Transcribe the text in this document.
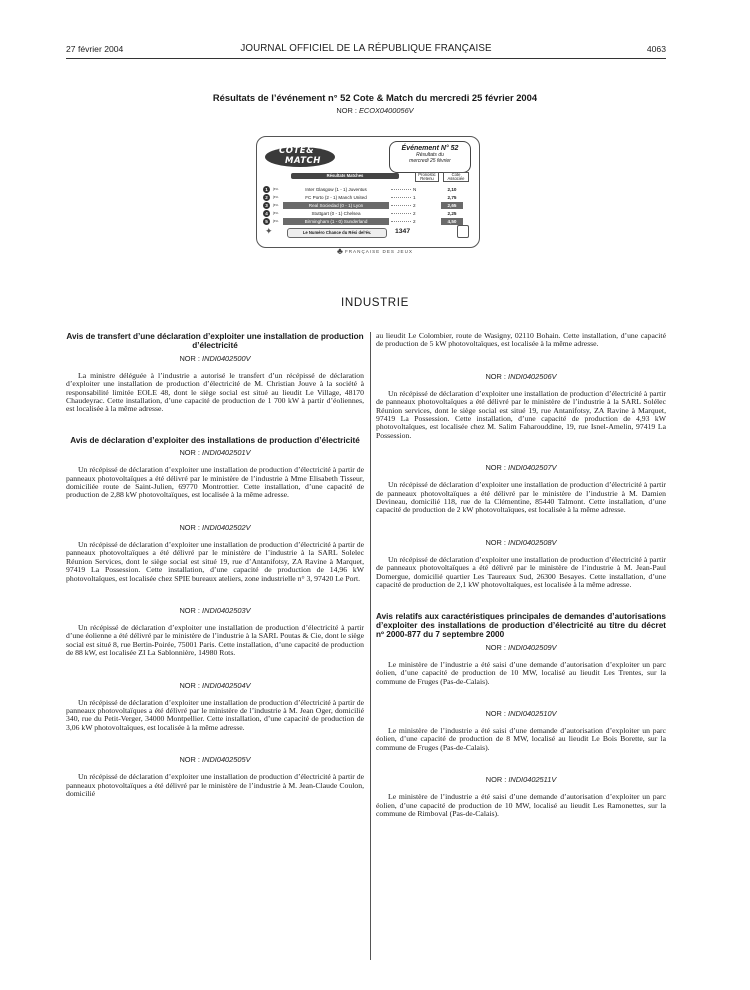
27 février 2004	JOURNAL OFFICIEL DE LA RÉPUBLIQUE FRANÇAISE	4063
Résultats de l’événement n° 52 Cote & Match du mercredi 25 février 2004
NOR : ECOX0400056V
COTE&
MATCH
Événement N° 52
Résultats du
mercredi 25 février
Résultats Matches	Pronostic Retenu
Cote Associée
1	jeu.	Inter Glasgow (1 - 1) Juventus	N	2,10
2	jeu.	FC Porto (2 - 1) Manch United	1	2,75
3	jeu.	Real Sociedad (0 - 1) Lyon	2	2,65
4	jeu.	Stuttgart (0 - 1) Chelsea	2	2,25
5	jeu.	Birmingham (1 - 0) Sunderland	2	4,50
✦	Le Numéro Chance du Rési del’év.	1347
♣ FRANÇAISE DES JEUX
INDUSTRIE
Avis de transfert d’une déclaration d’exploiter une installation de production d’électricité
NOR : INDI0402500V

La ministre déléguée à l’industrie a autorisé le transfert d’un récépissé de déclaration d’exploiter une installation de production d’électricité de M. Christian Jouve à la société à responsabilité limitée EOLE 48, dont le siège social est situé au lieudit Le Village, 48170 Chaudeyrac. Cette installation, d’une capacité de production de 1 700 kW à partir d’éoliennes, est localisée à la même adresse.

Avis de déclaration d’exploiter des installations de production d’électricité
NOR : INDI0402501V

Un récépissé de déclaration d’exploiter une installation de production d’électricité à partir de panneaux photovoltaïques a été délivré par le ministère de l’industrie à Mme Elisabeth Tisseur, domiciliée route de Saint-Julien, 69770 Montrottier. Cette installation, d’une capacité de production de 2,88 kW photovoltaïques, est localisée à la même adresse.

NOR : INDI0402502V

Un récépissé de déclaration d’exploiter une installation de production d’électricité à partir de panneaux photovoltaïques a été délivré par le ministère de l’industrie à la SARL Solelec Réunion Services, dont le siège social est situé 19, rue d’Antanifotsy, ZA Ravine à Marquet, 97419 La Possession. Cette installation, d’une capacité de production de 14,96 kW photovoltaïques, est localisée chez SPIE bureaux ateliers, zone industrielle n° 3, 97420 Le Port.

NOR : INDI0402503V

Un récépissé de déclaration d’exploiter une installation de production d’électricité à partir d’une éolienne a été délivré par le ministère de l’industrie à la SARL Poutas & Cie, dont le siège social est situé 8, rue Bertin-Poirée, 75001 Paris. Cette installation, d’une capacité de production de 88 kW, est localisée ZI La Sablonnière, 14980 Rots.

NOR : INDI0402504V

Un récépissé de déclaration d’exploiter une installation de production d’électricité à partir de panneaux photovoltaïques a été délivré par le ministère de l’industrie à M. Jean Oger, domicilié 340, rue du Petit-Verger, 34000 Montpellier. Cette installation, d’une capacité de production de 3,06 kW photovoltaïques, est localisée à la même adresse.

NOR : INDI0402505V

Un récépissé de déclaration d’exploiter une installation de production d’électricité à partir de panneaux photovoltaïques a été délivré par le ministère de l’industrie à M. Jean-Claude Coulon, domicilié

au lieudit Le Colombier, route de Wasigny, 02110 Bohain. Cette installation, d’une capacité de production de 5 kW photovoltaïques, est localisée à la même adresse.

NOR : INDI0402506V

Un récépissé de déclaration d’exploiter une installation de production d’électricité à partir de panneaux photovoltaïques a été délivré par le ministère de l’industrie à la SARL Solélec Réunion services, dont le siège social est situé 19, rue Antanifotsy, ZA Ravine à Marquet, 97419 La Possession. Cette installation, d’une capacité de production de 4,93 kW photovoltaïques, est localisée chez M. Salim Faharouddine, 19, rue Isnel-Amelin, 97419 La Possession.

NOR : INDI0402507V

Un récépissé de déclaration d’exploiter une installation de production d’électricité à partir de panneaux photovoltaïques a été délivré par le ministère de l’industrie à M. Damien Devineau, domicilié 118, rue de la Clémentine, 85440 Talmont. Cette installation, d’une capacité de production de 2 kW photovoltaïques, est localisée à la même adresse.

NOR : INDI0402508V

Un récépissé de déclaration d’exploiter une installation de production d’électricité à partir de panneaux photovoltaïques a été délivré par le ministère de l’industrie à M. Jean-Paul Domergue, domicilié quartier Les Taureaux Sud, 26300 Besayes. Cette installation, d’une capacité de production de 2,1 kW photovoltaïques, est localisée à la même adresse.

Avis relatifs aux caractéristiques principales de demandes d’autorisations d’exploiter des installations de production d’électricité au titre du décret nº 2000-877 du 7 septembre 2000
NOR : INDI0402509V

Le ministère de l’industrie a été saisi d’une demande d’autorisation d’exploiter un parc éolien, d’une capacité de production de 10 MW, localisé au lieudit Les Trentes, sur la commune de Fruges (Pas-de-Calais).

NOR : INDI0402510V

Le ministère de l’industrie a été saisi d’une demande d’autorisation d’exploiter un parc éolien, d’une capacité de production de 8 MW, localisé au lieudit Le Bois Borette, sur la commune de Fruges (Pas-de-Calais).

NOR : INDI0402511V

Le ministère de l’industrie a été saisi d’une demande d’autorisation d’exploiter un parc éolien, d’une capacité de production de 10 MW, localisé au lieudit Les Ramonettes, sur la commune de Rimboval (Pas-de-Calais).
